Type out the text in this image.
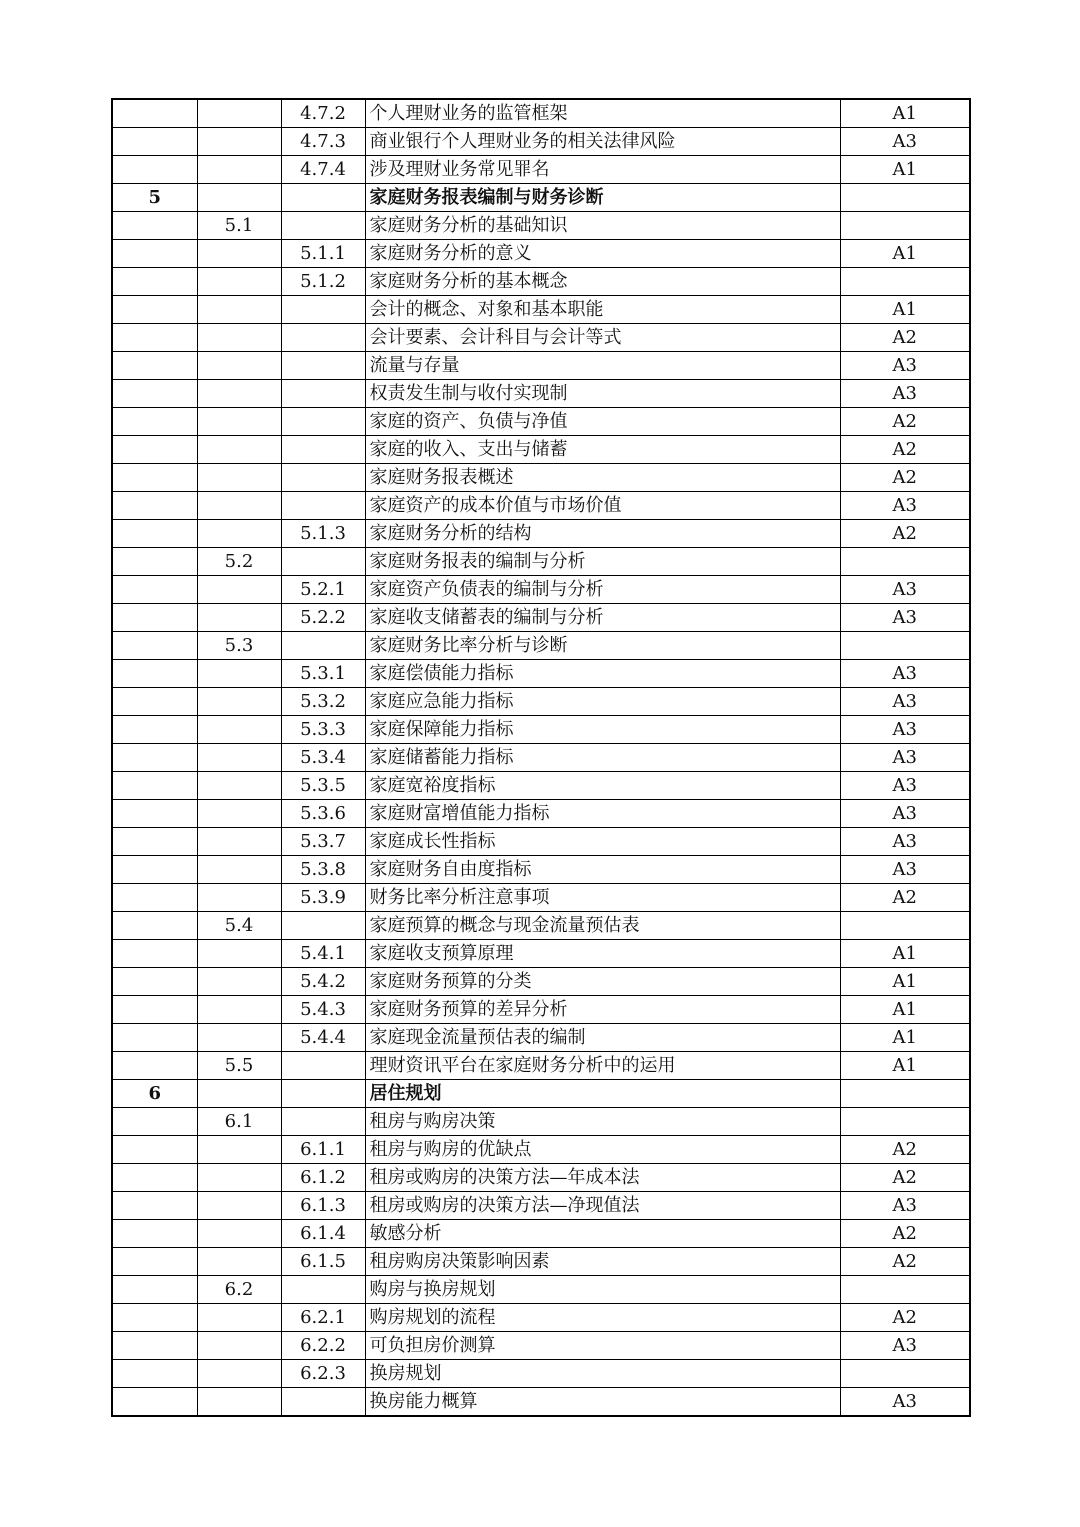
		4.7.2	个人理财业务的监管框架	A1
		4.7.3	商业银行个人理财业务的相关法律风险	A3
		4.7.4	涉及理财业务常见罪名	A1
5			家庭财务报表编制与财务诊断	
	5.1		家庭财务分析的基础知识	
		5.1.1	家庭财务分析的意义	A1
		5.1.2	家庭财务分析的基本概念	
			会计的概念、对象和基本职能	A1
			会计要素、会计科目与会计等式	A2
			流量与存量	A3
			权责发生制与收付实现制	A3
			家庭的资产、负债与净值	A2
			家庭的收入、支出与储蓄	A2
			家庭财务报表概述	A2
			家庭资产的成本价值与市场价值	A3
		5.1.3	家庭财务分析的结构	A2
	5.2		家庭财务报表的编制与分析	
		5.2.1	家庭资产负债表的编制与分析	A3
		5.2.2	家庭收支储蓄表的编制与分析	A3
	5.3		家庭财务比率分析与诊断	
		5.3.1	家庭偿债能力指标	A3
		5.3.2	家庭应急能力指标	A3
		5.3.3	家庭保障能力指标	A3
		5.3.4	家庭储蓄能力指标	A3
		5.3.5	家庭宽裕度指标	A3
		5.3.6	家庭财富增值能力指标	A3
		5.3.7	家庭成长性指标	A3
		5.3.8	家庭财务自由度指标	A3
		5.3.9	财务比率分析注意事项	A2
	5.4		家庭预算的概念与现金流量预估表	
		5.4.1	家庭收支预算原理	A1
		5.4.2	家庭财务预算的分类	A1
		5.4.3	家庭财务预算的差异分析	A1
		5.4.4	家庭现金流量预估表的编制	A1
	5.5		理财资讯平台在家庭财务分析中的运用	A1
6			居住规划	
	6.1		租房与购房决策	
		6.1.1	租房与购房的优缺点	A2
		6.1.2	租房或购房的决策方法—年成本法	A2
		6.1.3	租房或购房的决策方法—净现值法	A3
		6.1.4	敏感分析	A2
		6.1.5	租房购房决策影响因素	A2
	6.2		购房与换房规划	
		6.2.1	购房规划的流程	A2
		6.2.2	可负担房价测算	A3
		6.2.3	换房规划	
			换房能力概算	A3
